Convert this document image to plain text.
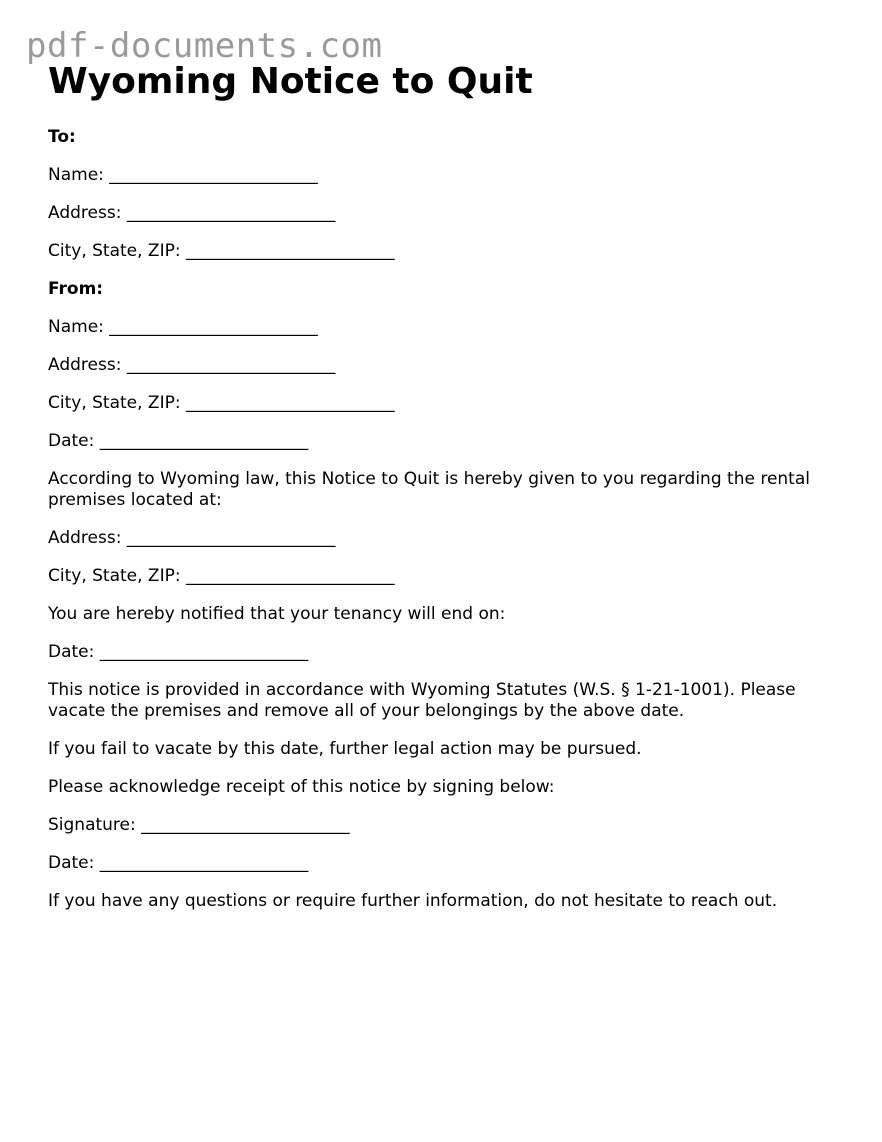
pdf-documents.com
Wyoming Notice to Quit
To:
Name: __________________________
Address: __________________________
City, State, ZIP: __________________________
From:
Name: __________________________
Address: __________________________
City, State, ZIP: __________________________
Date: __________________________

According to Wyoming law, this Notice to Quit is hereby given to you regarding the rental premises located at:

Address: __________________________
City, State, ZIP: __________________________

You are hereby notified that your tenancy will end on:

Date: __________________________

This notice is provided in accordance with Wyoming Statutes (W.S. § 1-21-1001). Please vacate the premises and remove all of your belongings by the above date.

If you fail to vacate by this date, further legal action may be pursued.

Please acknowledge receipt of this notice by signing below:

Signature: __________________________
Date: __________________________

If you have any questions or require further information, do not hesitate to reach out.
